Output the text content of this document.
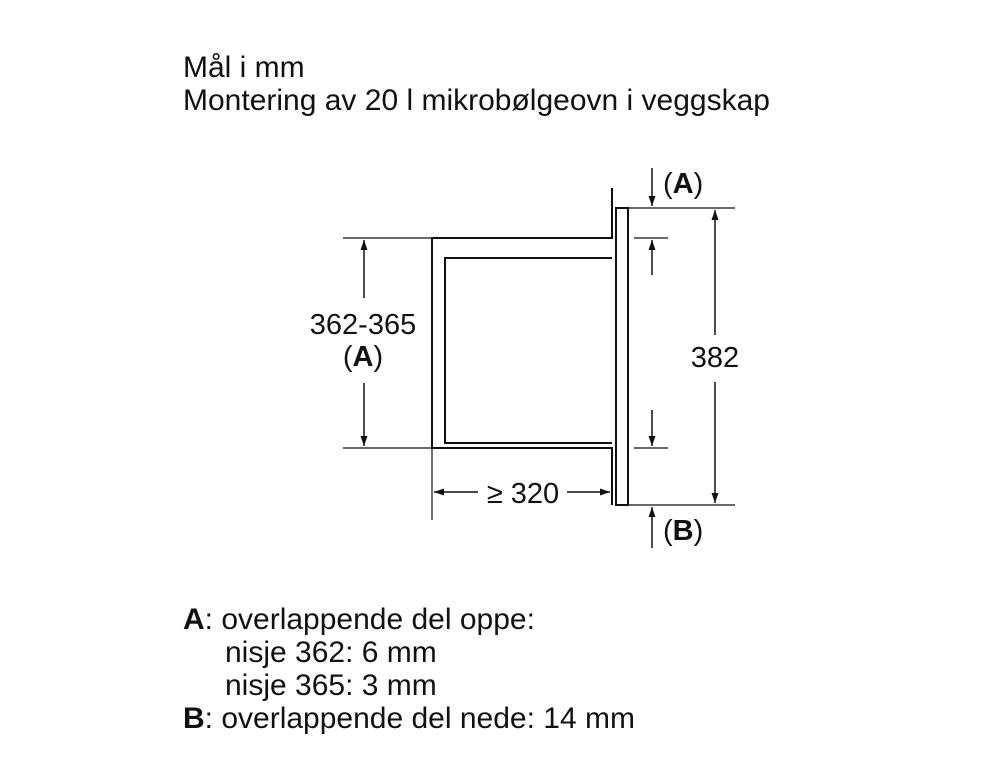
Mål i mm
Montering av 20 l mikrobølgeovn i veggskap
362-365
(A)
≥ 320
(A)
382
(B)
A: overlappende del oppe:
nisje 362: 6 mm
nisje 365: 3 mm
B: overlappende del nede: 14 mm
